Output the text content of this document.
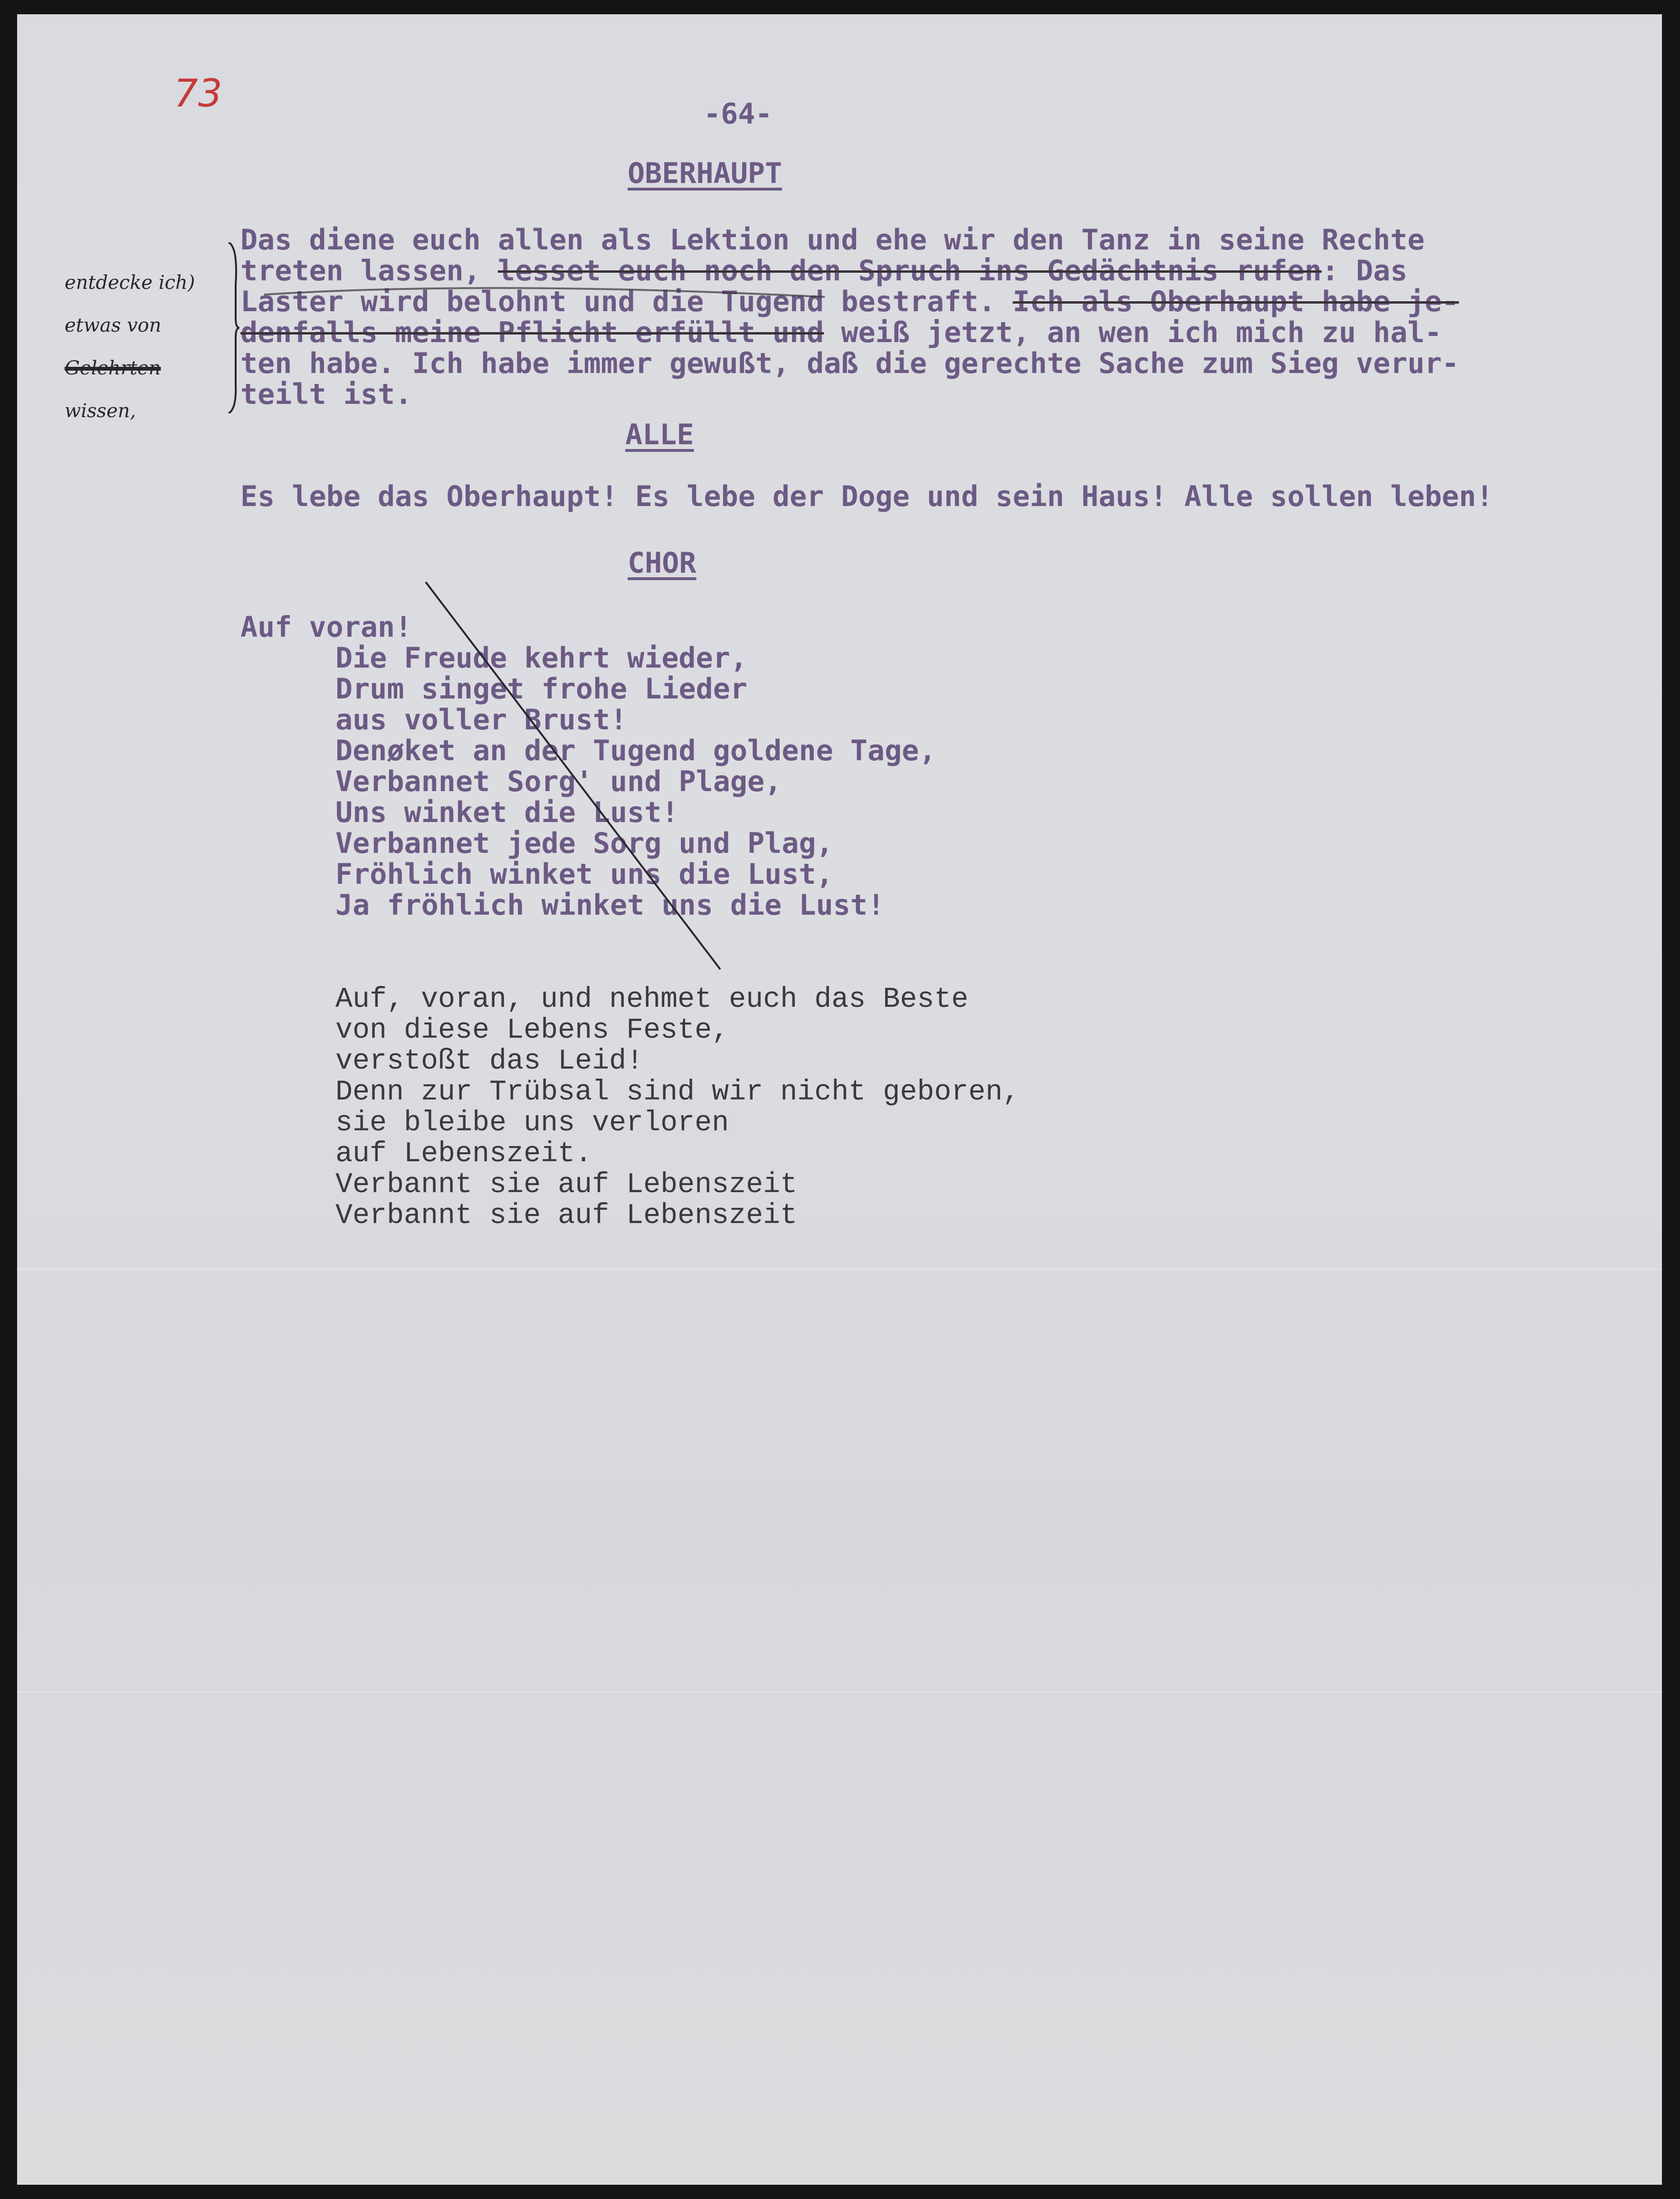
73	-64-
OBERHAUPT
Das diene euch allen als Lektion und ehe wir den Tanz in seine Rechte
treten lassen, lesset euch noch den Spruch ins Gedächtnis rufen: Das
Laster wird belohnt und die Tugend bestraft. Ich als Oberhaupt habe je-
denfalls meine Pflicht erfüllt und weiß jetzt, an wen ich mich zu hal-
ten habe. Ich habe immer gewußt, daß die gerechte Sache zum Sieg verur-
teilt ist.
entdecke ich)
etwas von
Gelehrten
wissen,
ALLE
Es lebe das Oberhaupt! Es lebe der Doge und sein Haus! Alle sollen leben!
CHOR
Auf voran!
Die Freude kehrt wieder,
Drum singet frohe Lieder
aus voller Brust!
Denøket an der Tugend goldene Tage,
Verbannet Sorg' und Plage,
Uns winket die Lust!
Verbannet jede Sorg und Plag,
Fröhlich winket uns die Lust,
Ja fröhlich winket uns die Lust!
Auf, voran, und nehmet euch das Beste
von diese Lebens Feste,
verstoßt das Leid!
Denn zur Trübsal sind wir nicht geboren,
sie bleibe uns verloren
auf Lebenszeit.
Verbannt sie auf Lebenszeit
Verbannt sie auf Lebenszeit
